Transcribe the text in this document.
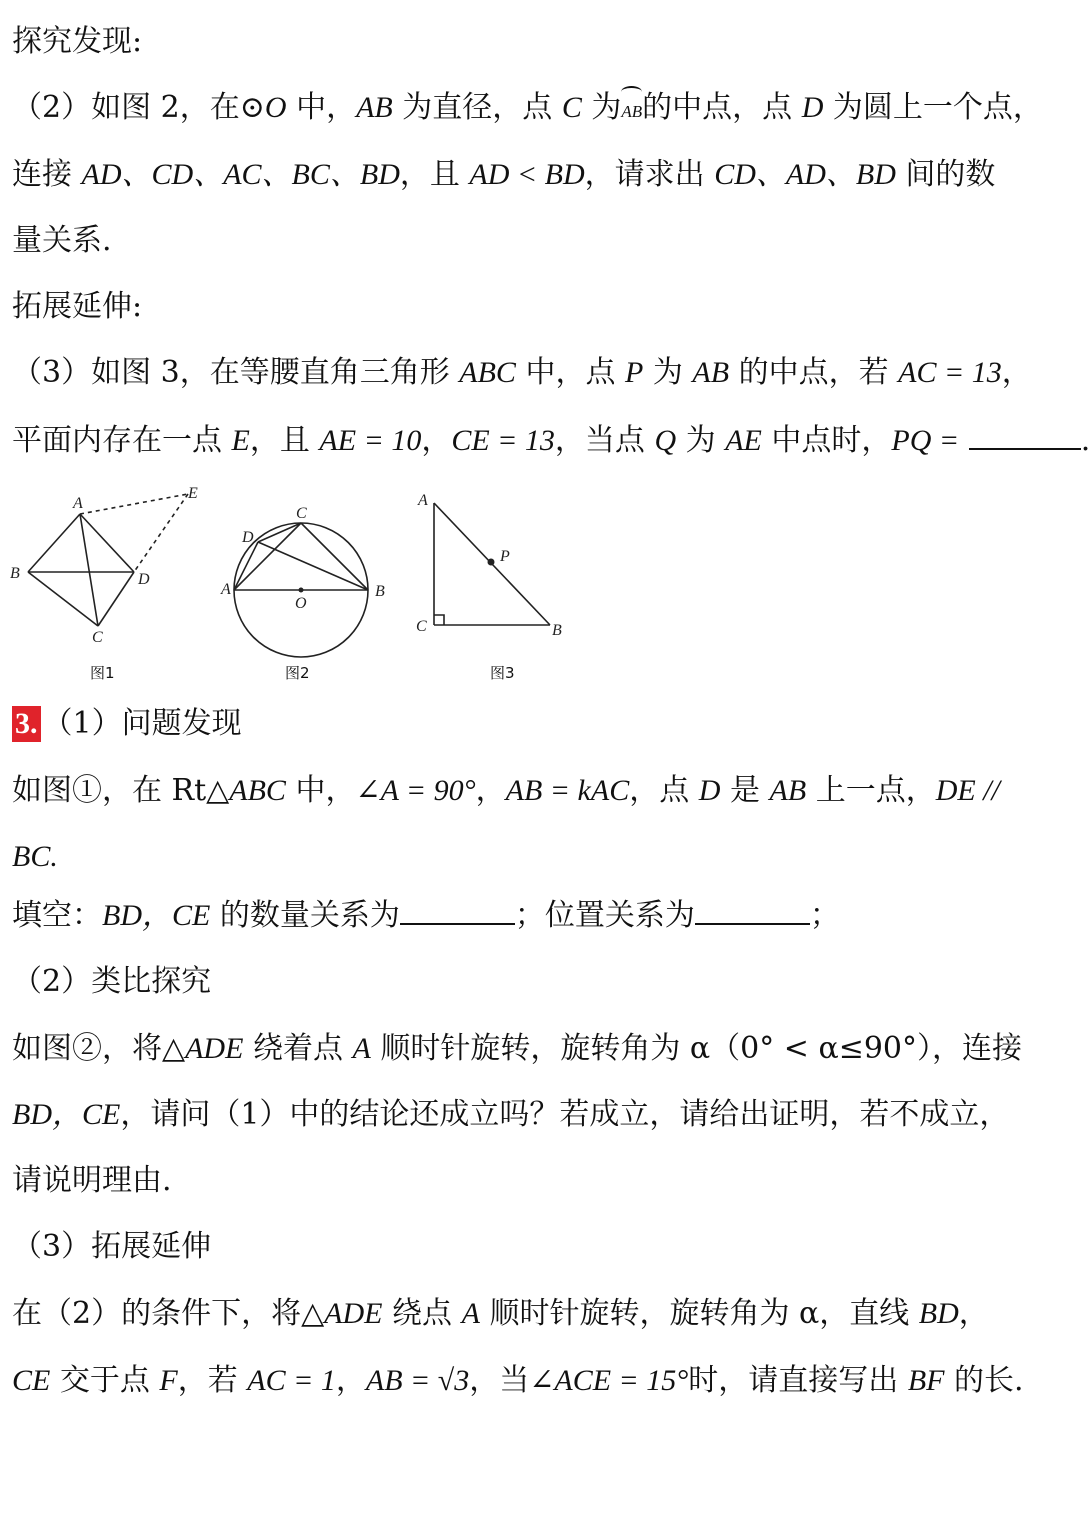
探究发现:
（2）如图 2，在⊙O 中，AB 为直径，点 C 为AB的中点，点 D 为圆上一个点，
连接 AD、CD、AC、BC、BD，且 AD < BD，请求出 CD、AD、BD 间的数
量关系.
拓展延伸:
（3）如图 3，在等腰直角三角形 ABC 中，点 P 为 AB 的中点，若 AC = 13，
平面内存在一点 E，且 AE = 10，CE = 13，当点 Q 为 AE 中点时，PQ =	.
A
B
C
D
E
图1
C
D
A	B
O
图2
A
P
C	B
图3
3. （1）问题发现
如图①，在 Rt△ABC 中，∠A = 90°，AB = kAC，点 D 是 AB 上一点，DE //
BC.
填空：BD，CE 的数量关系为	；位置关系为	；
（2）类比探究
如图②，将△ADE 绕着点 A 顺时针旋转，旋转角为 α（0° < α≤90°），连接
BD，CE，请问（1）中的结论还成立吗？若成立，请给出证明，若不成立，
请说明理由.
（3）拓展延伸
在（2）的条件下，将△ADE 绕点 A 顺时针旋转，旋转角为 α，直线 BD，
CE 交于点 F，若 AC = 1，AB = √3，当∠ACE = 15°时，请直接写出 BF 的长.
